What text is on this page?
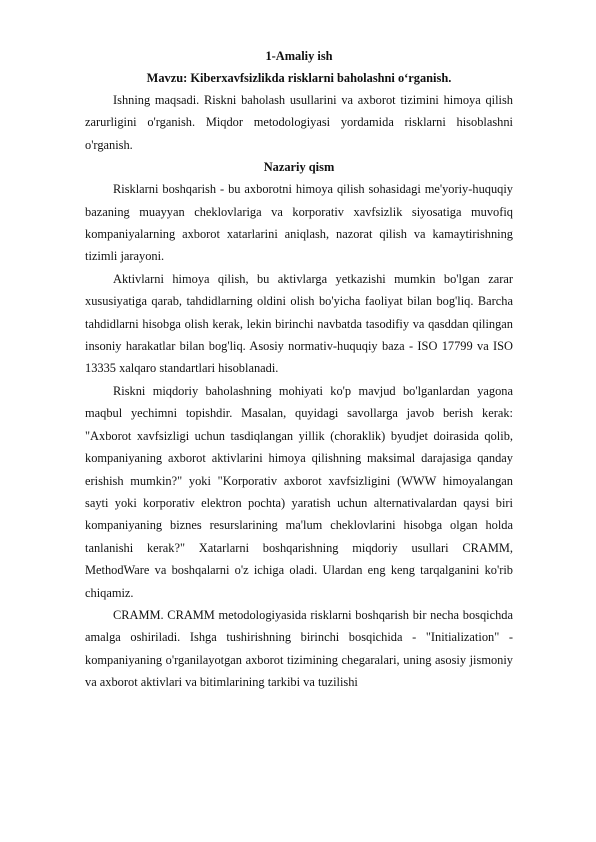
1-Amaliy ish
Mavzu: Kiberxavfsizlikda risklarni baholashni o‘rganish.

Ishning maqsadi. Riskni baholash usullarini va axborot tizimini himoya qilish zarurligini o'rganish. Miqdor metodologiyasi yordamida risklarni hisoblashni o'rganish.

Nazariy qism

Risklarni boshqarish - bu axborotni himoya qilish sohasidagi me'yoriy-huquqiy bazaning muayyan cheklovlariga va korporativ xavfsizlik siyosatiga muvofiq kompaniyalarning axborot xatarlarini aniqlash, nazorat qilish va kamaytirishning tizimli jarayoni.

Aktivlarni himoya qilish, bu aktivlarga yetkazishi mumkin bo'lgan zarar xususiyatiga qarab, tahdidlarning oldini olish bo'yicha faoliyat bilan bog'liq. Barcha tahdidlarni hisobga olish kerak, lekin birinchi navbatda tasodifiy va qasddan qilingan insoniy harakatlar bilan bog'liq. Asosiy normativ-huquqiy baza - ISO 17799 va ISO 13335 xalqaro standartlari hisoblanadi.

Riskni miqdoriy baholashning mohiyati ko'p mavjud bo'lganlardan yagona maqbul yechimni topishdir. Masalan, quyidagi savollarga javob berish kerak: "Axborot xavfsizligi uchun tasdiqlangan yillik (choraklik) byudjet doirasida qolib, kompaniyaning axborot aktivlarini himoya qilishning maksimal darajasiga qanday erishish mumkin?" yoki "Korporativ axborot xavfsizligini (WWW himoyalangan sayti yoki korporativ elektron pochta) yaratish uchun alternativalardan qaysi biri kompaniyaning biznes resurslarining ma'lum cheklovlarini hisobga olgan holda tanlanishi kerak?" Xatarlarni boshqarishning miqdoriy usullari CRAMM, MethodWare va boshqalarni o'z ichiga oladi. Ulardan eng keng tarqalganini ko'rib chiqamiz.

CRAMM. CRAMM metodologiyasida risklarni boshqarish bir necha bosqichda amalga oshiriladi. Ishga tushirishning birinchi bosqichida - "Initialization" - kompaniyaning o'rganilayotgan axborot tizimining chegaralari, uning asosiy jismoniy va axborot aktivlari va bitimlarining tarkibi va tuzilishi
